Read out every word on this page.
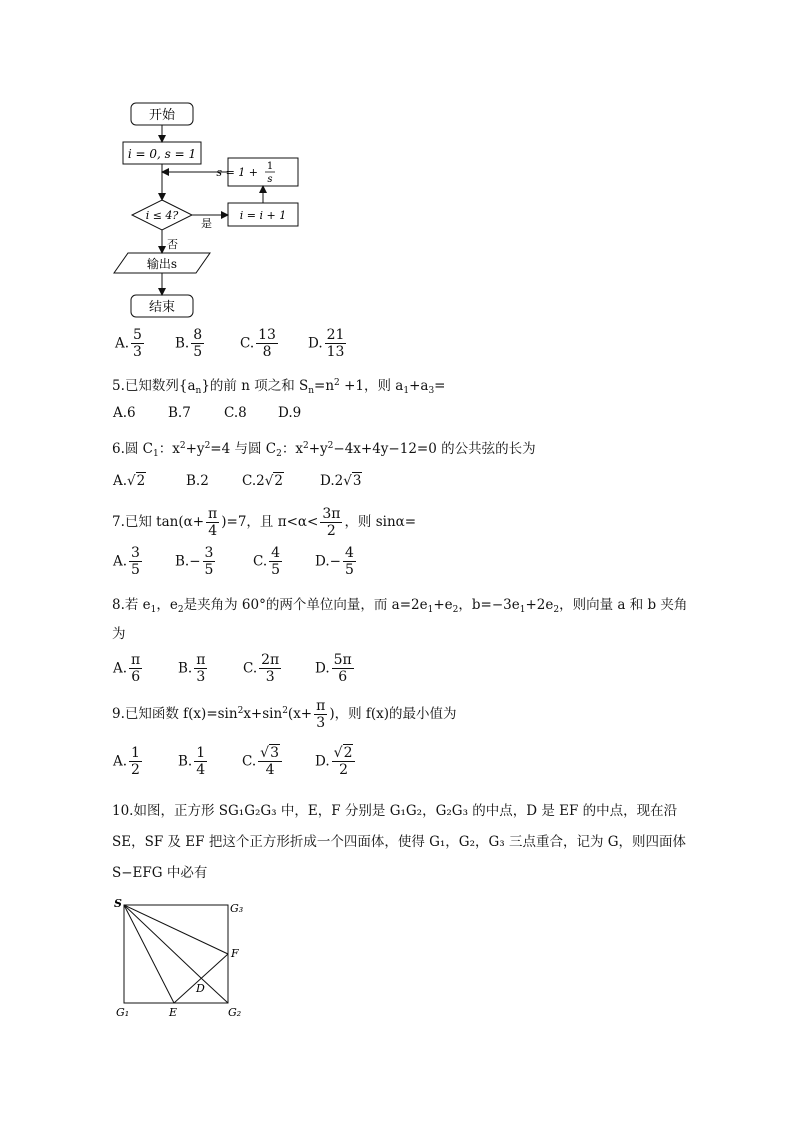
开始
i = 0, s = 1
i ≤ 4?
是
i = i + 1
s = 1 + 1
s
否
输出s
结束
A. $\frac{5}{3} B$. $\frac{8}{5}$	C. $\frac{13}{8} D$. $\frac{21}{13}$
5.已知数列$\{a_n\}$的前 n 项之和 $S_n=n^2 +1$，则 $a_1+a_3=$
A.6 B.7 C.8 D.9
6.圆 $C_1$：$x^2+y^2=4$ 与圆 $C_2$：$x^2+y^2-4x+4y-12=0$ 的公共弦的长为
A.√2	B.2 C.2√2	D.2√3
7.已知 $\tan(\alpha+ \frac{\pi}{4} )=7$，且 $\pi<\alpha< \frac{3\pi}{2}$ ，则 sinα=
A. $\frac{3}{5} B.- \frac{3}{5}$	C. $\frac{4}{5} D.- \frac{4}{5}$
8.若 $e_1$，$e_2$是夹角为 60°的两个单位向量，而 $a=2e_1+e_2$，$b=-3e_1+2e_2$，则向量 a 和 b 夹角
为
A. $\frac{\pi}{6}$	B. $\frac{\pi}{3}$	C. $\frac{2\pi}{3}$	D. $\frac{5\pi}{6}$
9.已知函数 $f(x)=\sin^2x+\sin^2(x+ \frac{\pi}{3}$ )，则 f(x)的最小值为
A. $\frac{1}{2}$	B. $\frac{1}{4}$	C. $\frac{√3}{4} D$. $\frac{√2}{2}$
10.如图，正方形 SG₁G₂G₃ 中，E，F 分别是 G₁G₂，G₂G₃ 的中点，D 是 EF 的中点，现在沿
SE，SF 及 EF 把这个正方形折成一个四面体，使得 G₁，G₂，G₃ 三点重合，记为 G，则四面体
S−EFG 中必有
S	G₃
F
D
G₁	E	G₂
